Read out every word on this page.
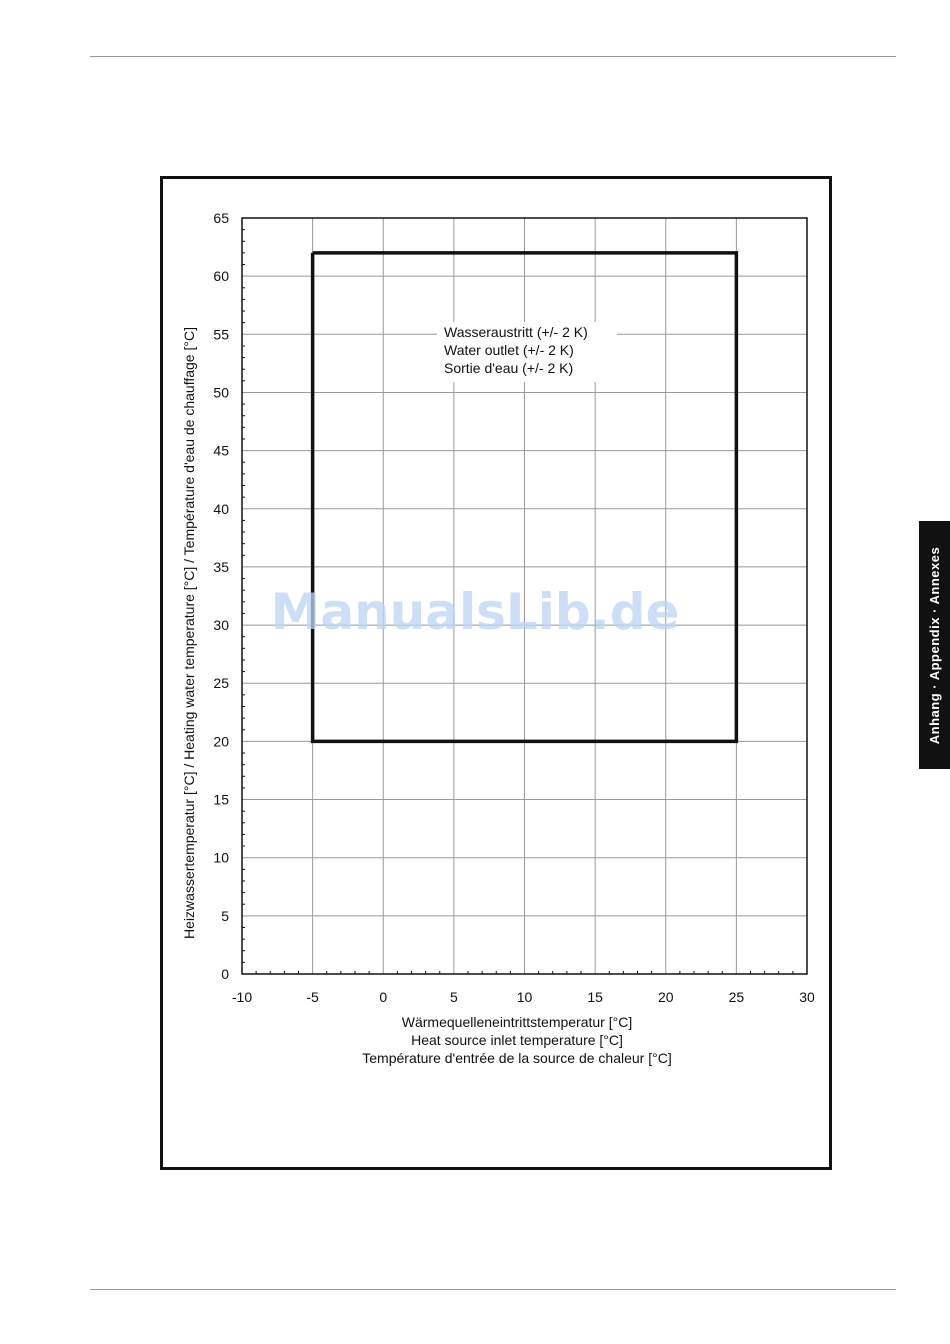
0
5
10
15
20
25
30
35
40
45
50
55
60
65
-10	-5	0	5	10	15	20	25	30
Wasseraustritt (+/- 2 K)
Water outlet (+/- 2 K)
Sortie d'eau (+/- 2 K)
Wärmequelleneintrittstemperatur [°C]
Heat source inlet temperature [°C]
Température d'entrée de la source de chaleur [°C]
Heizwassertemperatur [°C] / Heating water temperature [°C] / Température d'eau de chauffage [°C]	ManualsLib.de	Anhang · Appendix · Annexes
